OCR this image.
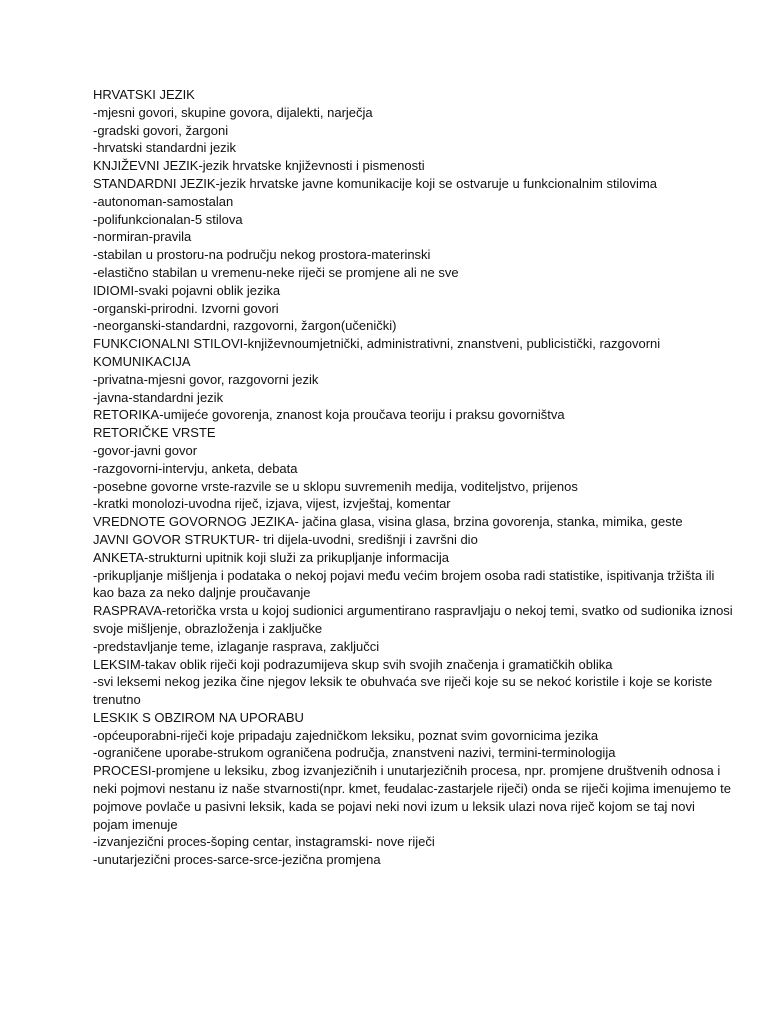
HRVATSKI JEZIK

-mjesni govori, skupine govora, dijalekti, narječja

-gradski govori, žargoni

-hrvatski standardni jezik

KNJIŽEVNI JEZIK-jezik hrvatske književnosti i pismenosti

STANDARDNI JEZIK-jezik hrvatske javne komunikacije koji se ostvaruje u funkcionalnim stilovima

-autonoman-samostalan

-polifunkcionalan-5 stilova

-normiran-pravila

-stabilan u prostoru-na području nekog prostora-materinski

-elastično stabilan u vremenu-neke riječi se promjene ali ne sve

IDIOMI-svaki pojavni oblik jezika

-organski-prirodni. Izvorni govori

-neorganski-standardni, razgovorni, žargon(učenički)

FUNKCIONALNI STILOVI-književnoumjetnički, administrativni, znanstveni, publicistički, razgovorni

KOMUNIKACIJA

-privatna-mjesni govor, razgovorni jezik

-javna-standardni jezik

RETORIKA-umijeće govorenja, znanost koja proučava teoriju i praksu govorništva

RETORIČKE VRSTE

-govor-javni govor

-razgovorni-intervju, anketa, debata

-posebne govorne vrste-razvile se u sklopu suvremenih medija, voditeljstvo, prijenos

-kratki monolozi-uvodna riječ, izjava, vijest, izvještaj, komentar

VREDNOTE GOVORNOG JEZIKA- jačina glasa, visina glasa, brzina govorenja, stanka, mimika, geste

JAVNI GOVOR STRUKTUR- tri dijela-uvodni, središnji i završni dio

ANKETA-strukturni upitnik koji služi za prikupljanje informacija

-prikupljanje mišljenja i podataka o nekoj pojavi među većim brojem osoba radi statistike, ispitivanja tržišta ili kao baza za neko daljnje proučavanje

RASPRAVA-retorička vrsta u kojoj sudionici argumentirano raspravljaju o nekoj temi, svatko od sudionika iznosi svoje mišljenje, obrazloženja i zaključke

-predstavljanje teme, izlaganje rasprava, zaključci

LEKSIM-takav oblik riječi koji podrazumijeva skup svih svojih značenja i gramatičkih oblika

-svi leksemi nekog jezika čine njegov leksik te obuhvaća sve riječi koje su se nekoć koristile i koje se koriste trenutno

LESKIK S OBZIROM NA UPORABU

-općeuporabni-riječi koje pripadaju zajedničkom leksiku, poznat svim govornicima jezika

-ograničene uporabe-strukom ograničena područja, znanstveni nazivi, termini-terminologija

PROCESI-promjene u leksiku, zbog izvanjezičnih i unutarjezičnih procesa, npr. promjene društvenih odnosa i neki pojmovi nestanu iz naše stvarnosti(npr. kmet, feudalac-zastarjele riječi) onda se riječi kojima imenujemo te pojmove povlače u pasivni leksik, kada se pojavi neki novi izum u leksik ulazi nova riječ kojom se taj novi pojam imenuje

-izvanjezični proces-šoping centar, instagramski- nove riječi

-unutarjezični proces-sarce-srce-jezična promjena
